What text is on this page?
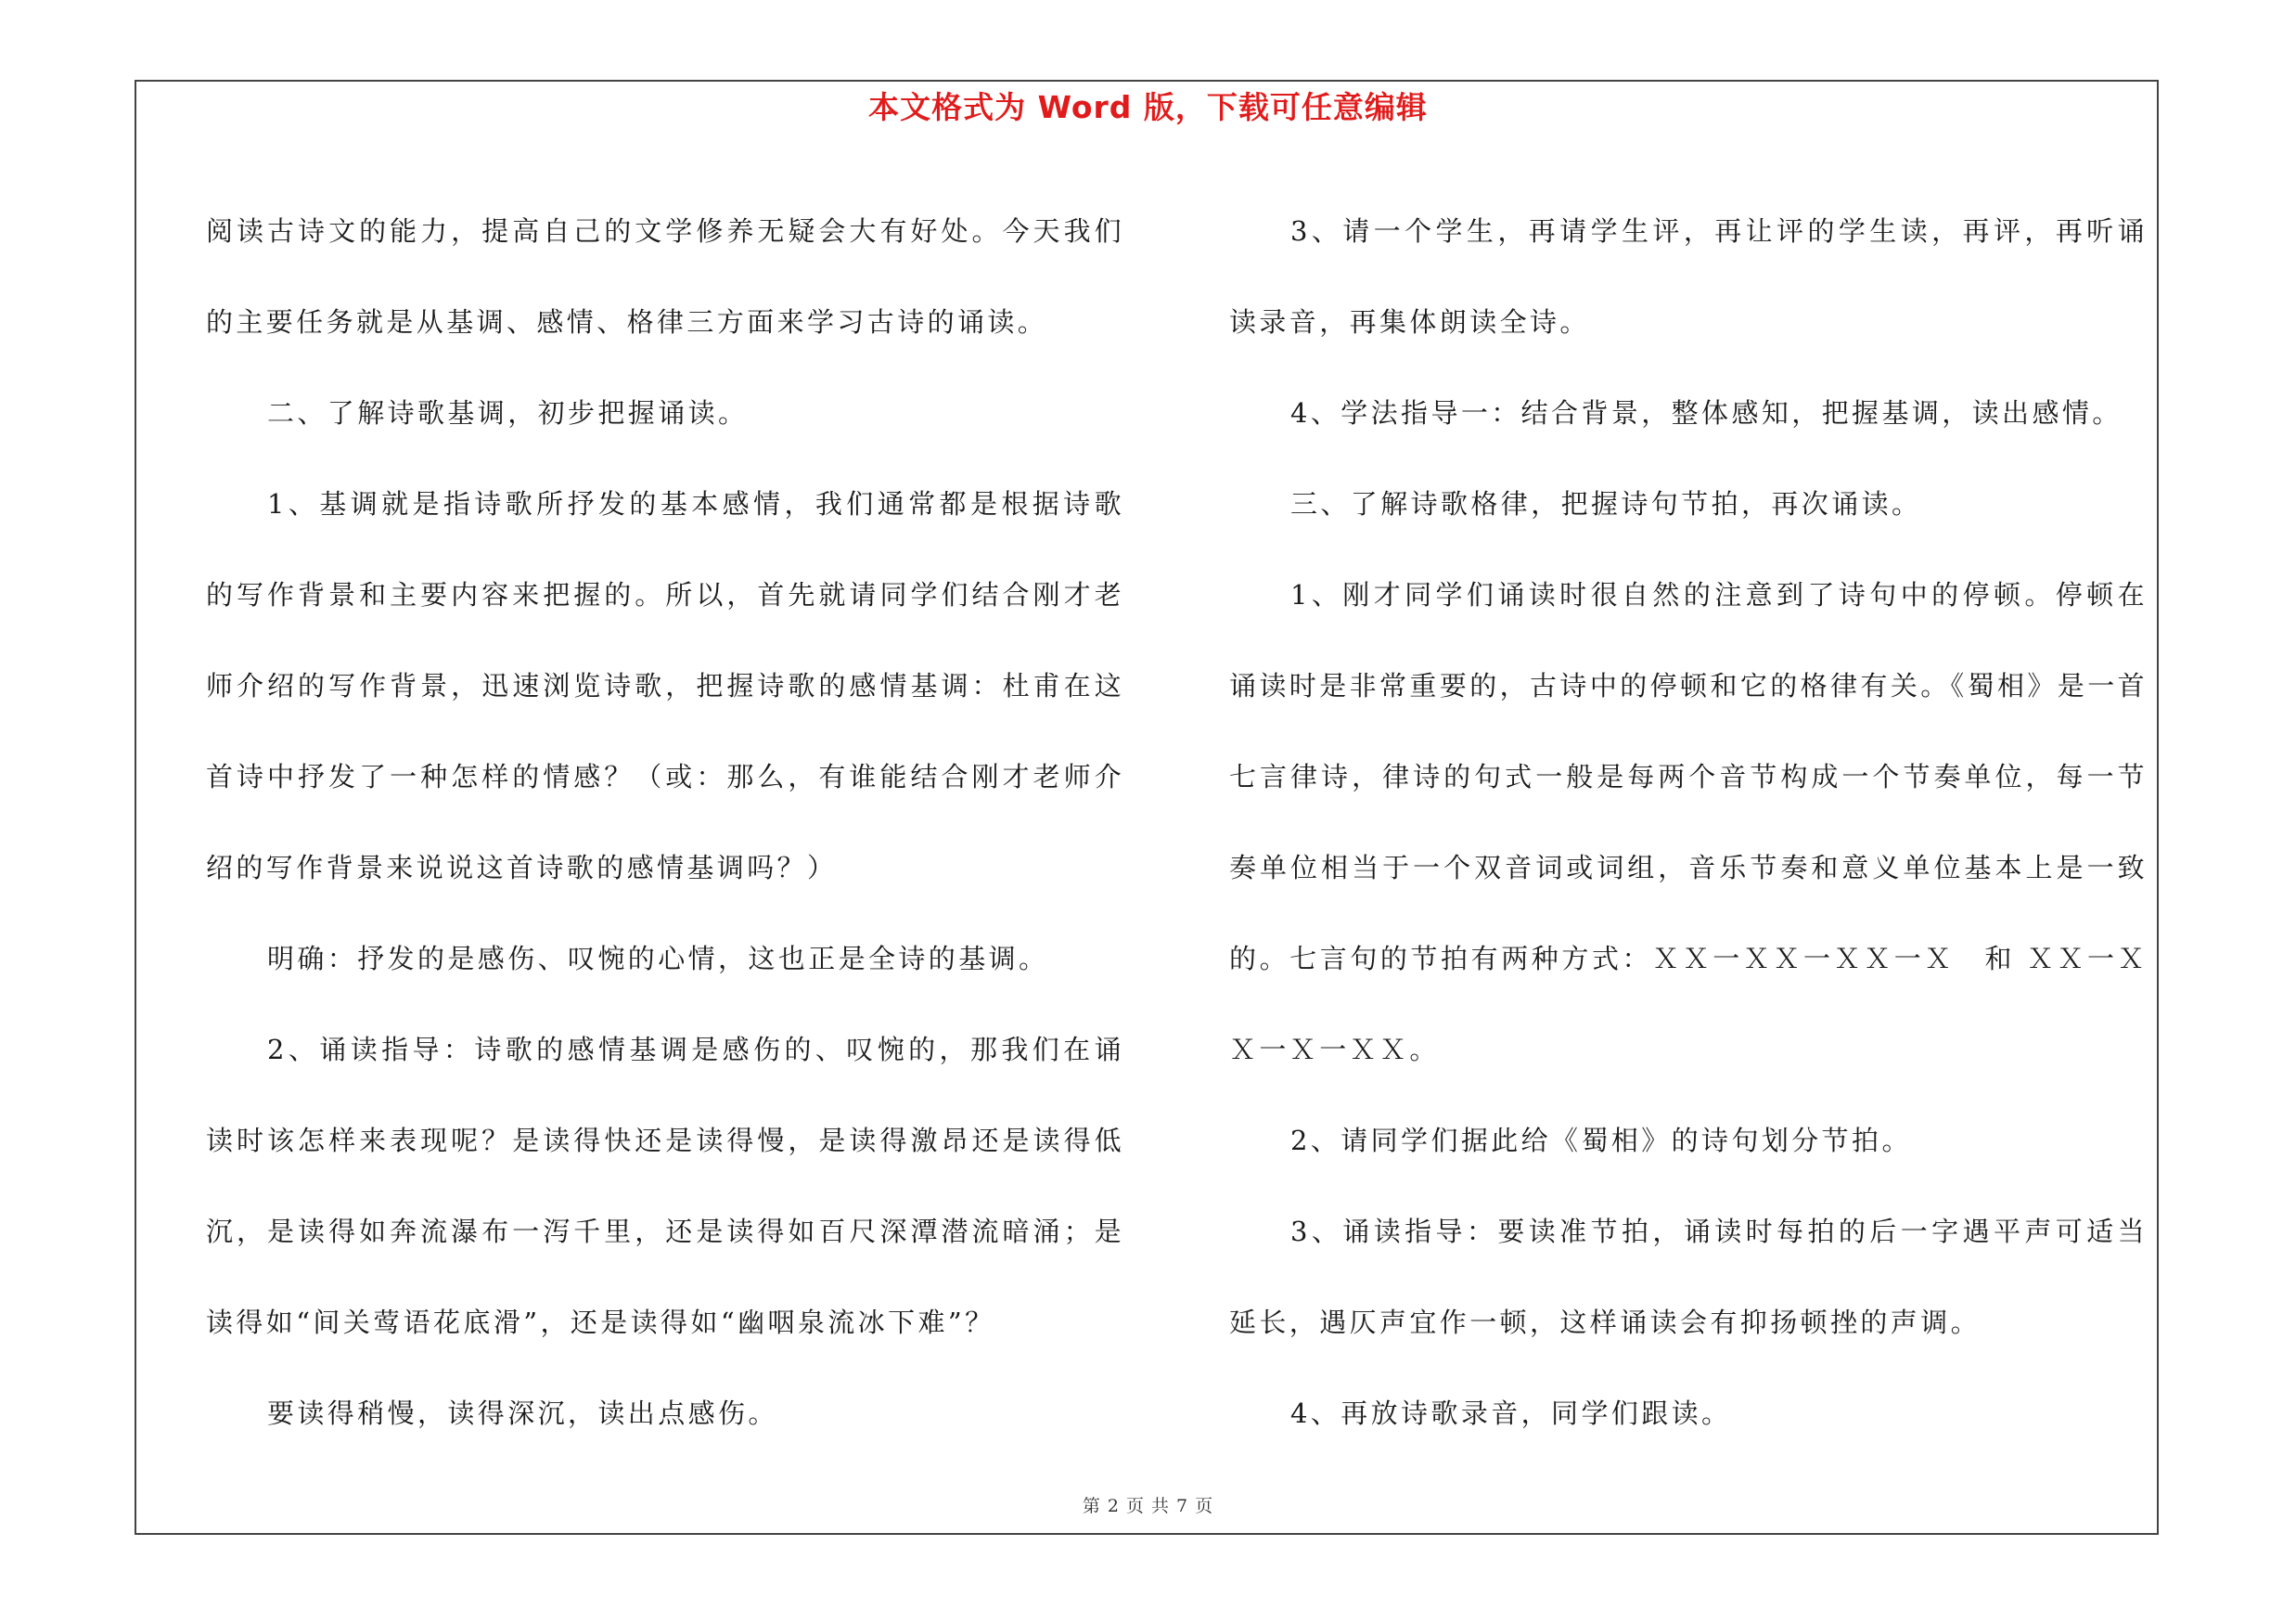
本文格式为 Word 版，下载可任意编辑

阅读古诗文的能力，提高自己的文学修养无疑会大有好处。今天我们的主要任务就是从基调、感情、格律三方面来学习古诗的诵读。

二、了解诗歌基调，初步把握诵读。

1、基调就是指诗歌所抒发的基本感情，我们通常都是根据诗歌的写作背景和主要内容来把握的。所以，首先就请同学们结合刚才老师介绍的写作背景，迅速浏览诗歌，把握诗歌的感情基调：杜甫在这首诗中抒发了一种怎样的情感？（或：那么，有谁能结合刚才老师介绍的写作背景来说说这首诗歌的感情基调吗？）

明确：抒发的是感伤、叹惋的心情，这也正是全诗的基调。

2、诵读指导：诗歌的感情基调是感伤的、叹惋的，那我们在诵读时该怎样来表现呢？是读得快还是读得慢，是读得激昂还是读得低沉，是读得如奔流瀑布一泻千里，还是读得如百尺深潭潜流暗涌；是读得如“间关莺语花底滑”，还是读得如“幽咽泉流冰下难”？

要读得稍慢，读得深沉，读出点感伤。

3、请一个学生，再请学生评，再让评的学生读，再评，再听诵读录音，再集体朗读全诗。

4、学法指导一：结合背景，整体感知，把握基调，读出感情。

三、了解诗歌格律，把握诗句节拍，再次诵读。

1、刚才同学们诵读时很自然的注意到了诗句中的停顿。停顿在诵读时是非常重要的，古诗中的停顿和它的格律有关。《蜀相》是一首七言律诗，律诗的句式一般是每两个音节构成一个节奏单位，每一节奏单位相当于一个双音词或词组，音乐节奏和意义单位基本上是一致的。七言句的节拍有两种方式：ＸＸ一ＸＸ一ＸＸ一Ｘ　和 ＸＸ一ＸＸ一Ｘ一ＸＸ。

2、请同学们据此给《蜀相》的诗句划分节拍。

3、诵读指导：要读准节拍，诵读时每拍的后一字遇平声可适当延长，遇仄声宜作一顿，这样诵读会有抑扬顿挫的声调。

4、再放诗歌录音，同学们跟读。

第 2 页 共 7 页
